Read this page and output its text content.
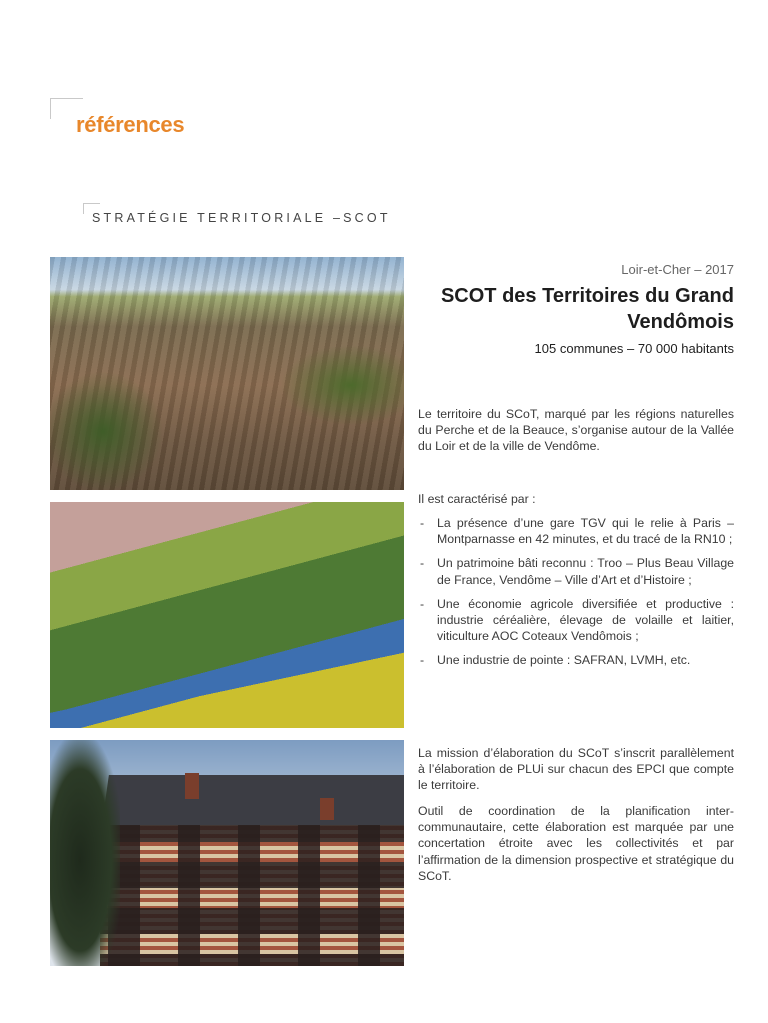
références
STRATÉGIE TERRITORIALE –SCOT

Loir-et-Cher – 2017

SCOT des Territoires du Grand Vendômois

105 communes – 70 000 habitants

Le territoire du SCoT, marqué par les régions naturelles du Perche et de la Beauce, s’organise autour de la Vallée du Loir et de la ville de Vendôme.

Il est caractérisé par :

- La présence d’une gare TGV qui le relie à Paris – Montparnasse en 42 minutes, et du tracé de la RN10 ;
- Un patrimoine bâti reconnu : Troo – Plus Beau Village de France, Vendôme – Ville d’Art et d’Histoire ;
- Une économie agricole diversifiée et productive : industrie céréalière, élevage de volaille et laitier, viticulture AOC Coteaux Vendômois ;
- Une industrie de pointe : SAFRAN, LVMH, etc.

La mission d’élaboration du SCoT s’inscrit parallèlement à l’élaboration de PLUi sur chacun des EPCI que compte le territoire.

Outil de coordination de la planification inter-communautaire, cette élaboration est marquée par une concertation étroite avec les collectivités et par l’affirmation de la dimension prospective et stratégique du SCoT.
